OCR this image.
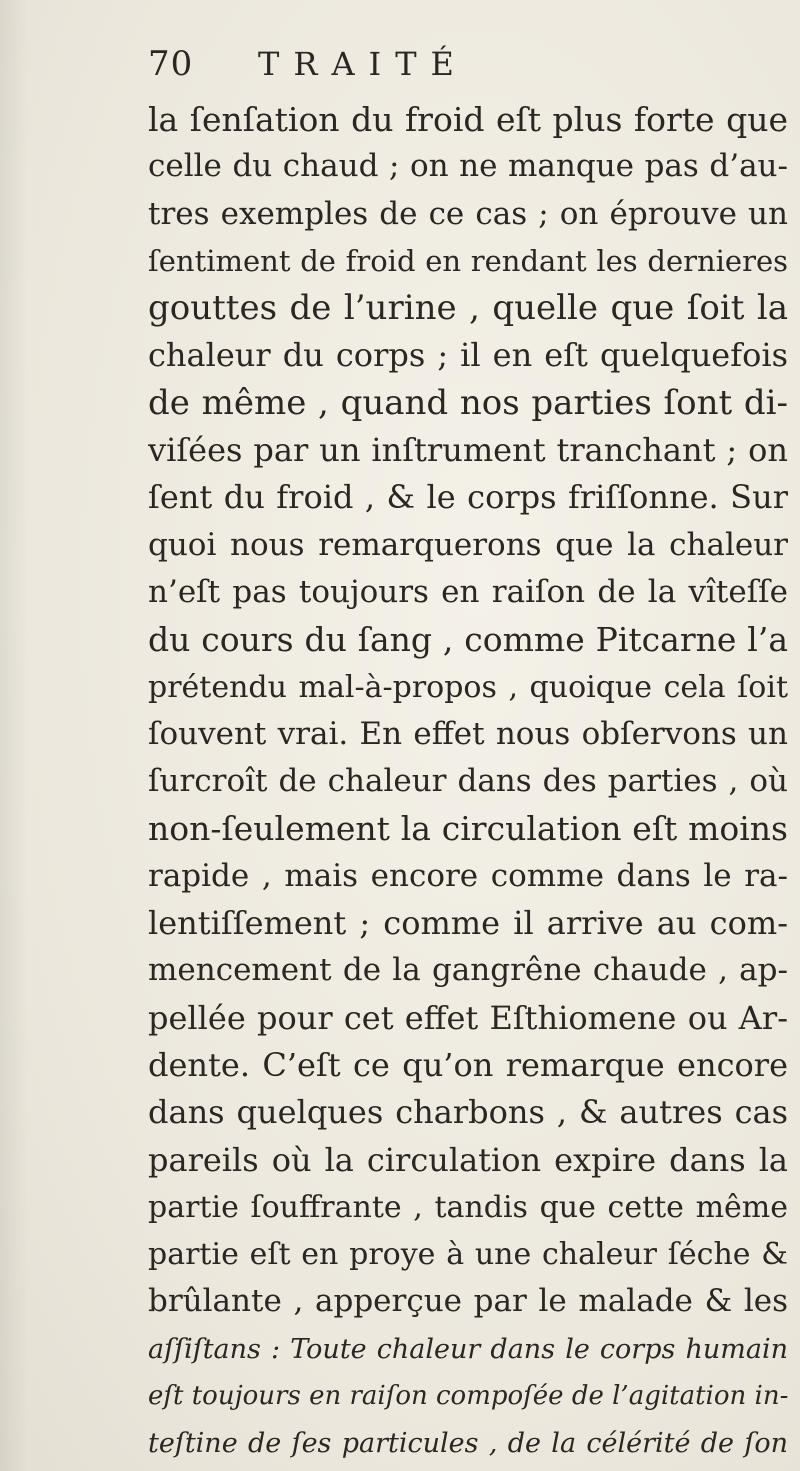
70 TRAITÉ
la ſenſation du froid eſt plus forte que
celle du chaud ; on ne manque pas d’au-
tres exemples de ce cas ; on éprouve un
ſentiment de froid en rendant les dernieres
gouttes de l’urine , quelle que ſoit la
chaleur du corps ; il en eſt quelquefois
de même , quand nos parties ſont di-
viſées par un inſtrument tranchant ; on
ſent du froid , & le corps friſſonne. Sur
quoi nous remarquerons que la chaleur
n’eſt pas toujours en raiſon de la vîteſſe
du cours du ſang , comme Pitcarne l’a
prétendu mal-à-propos , quoique cela ſoit
ſouvent vrai. En effet nous obſervons un
ſurcroît de chaleur dans des parties , où
non-ſeulement la circulation eſt moins
rapide , mais encore comme dans le ra-
lentiſſement ; comme il arrive au com-
mencement de la gangrêne chaude , ap-
pellée pour cet effet Eſthiomene ou Ar-
dente. C’eſt ce qu’on remarque encore
dans quelques charbons , & autres cas
pareils où la circulation expire dans la
partie ſouffrante , tandis que cette même
partie eſt en proye à une chaleur ſéche &
brûlante , apperçue par le malade & les
aſſiſtans : Toute chaleur dans le corps humain
eſt toujours en raiſon compoſée de l’agitation in-
teſtine de ſes particules , de la célérité de ſon
